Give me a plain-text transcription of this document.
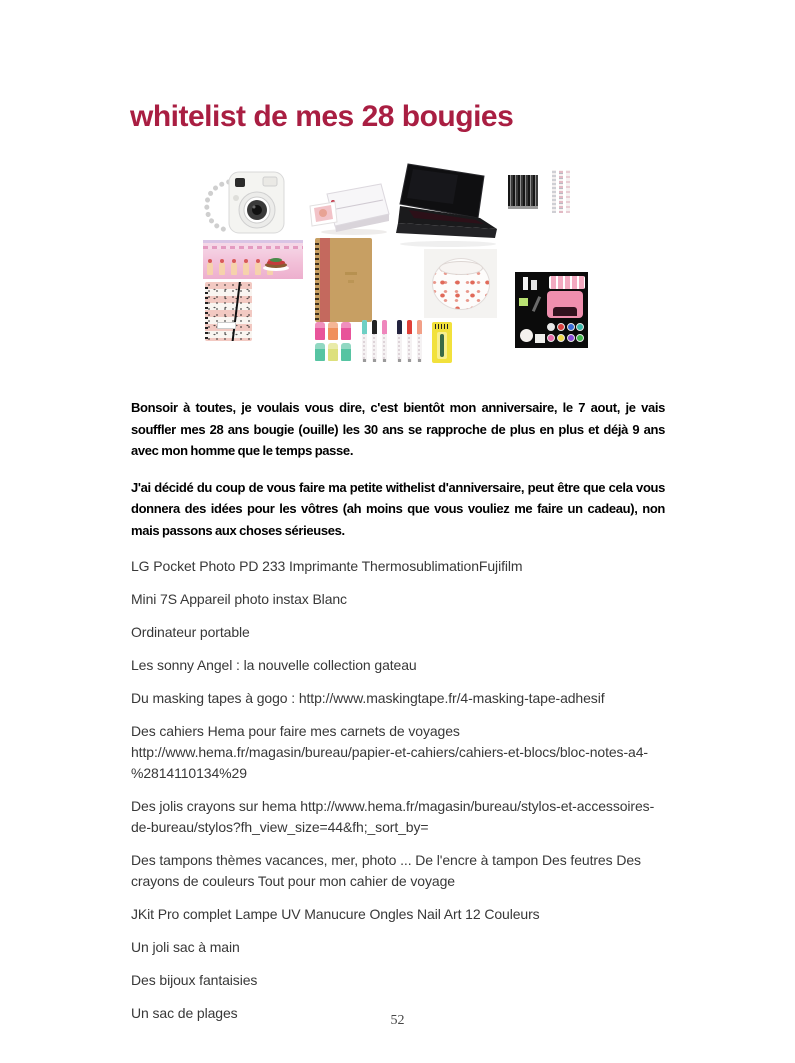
whitelist de mes 28 bougies

Bonsoir à toutes, je voulais vous dire, c'est bientôt mon anniversaire, le 7 aout, je vais souffler mes 28 ans bougie (ouille) les 30 ans se rapproche de plus en plus et déjà 9 ans avec mon homme que le temps passe.

J'ai décidé du coup de vous faire ma petite withelist d'anniversaire, peut être que cela vous donnera des idées pour les vôtres (ah moins que vous vouliez me faire un cadeau), non mais passons aux choses sérieuses.

LG Pocket Photo PD 233 Imprimante ThermosublimationFujifilm

Mini 7S Appareil photo instax Blanc

Ordinateur portable

Les sonny Angel : la nouvelle collection gateau

Du masking tapes à gogo : http://www.maskingtape.fr/4-masking-tape-adhesif

Des cahiers Hema pour faire mes carnets de voyages http://www.hema.fr/magasin/bureau/papier-et-cahiers/cahiers-et-blocs/bloc-notes-a4-%2814110134%29

Des jolis crayons sur hema http://www.hema.fr/magasin/bureau/stylos-et-accessoires-de-bureau/stylos?fh_view_size=44&fh;_sort_by=

Des tampons thèmes vacances, mer, photo ... De l'encre à tampon Des feutres Des crayons de couleurs Tout pour mon cahier de voyage

JKit Pro complet Lampe UV Manucure Ongles Nail Art 12 Couleurs

Un joli sac à main

Des bijoux fantaisies

Un sac de plages	52
